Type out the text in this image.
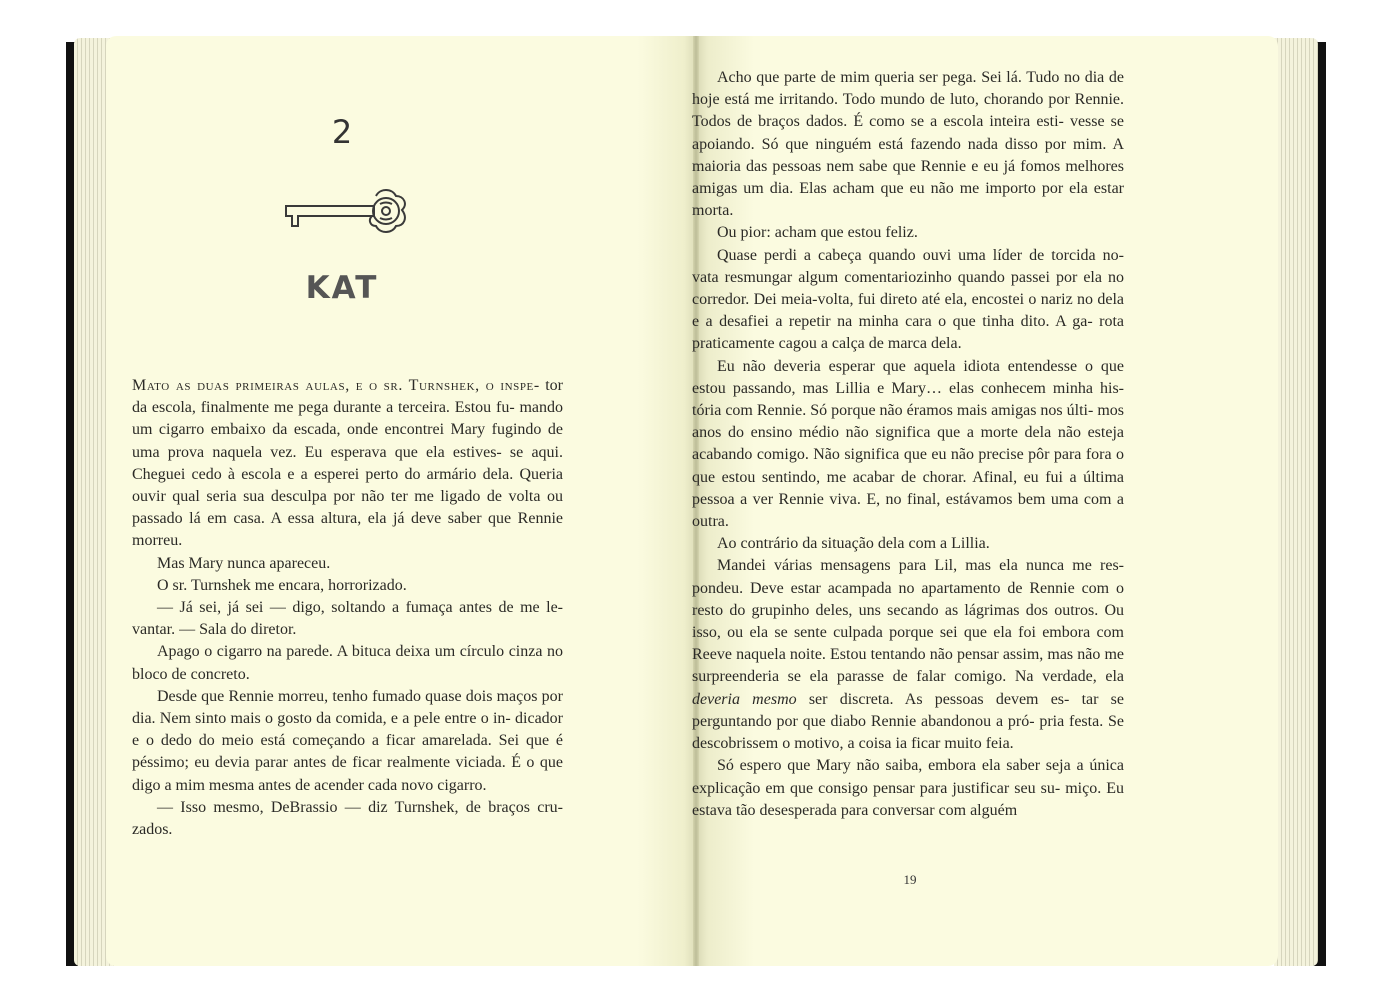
2
KAT

Mato as duas primeiras aulas, e o sr. Turnshek, o inspe- tor da escola, finalmente me pega durante a terceira. Estou fu- mando um cigarro embaixo da escada, onde encontrei Mary fugindo de uma prova naquela vez. Eu esperava que ela estives- se aqui. Cheguei cedo à escola e a esperei perto do armário dela. Queria ouvir qual seria sua desculpa por não ter me ligado de volta ou passado lá em casa. A essa altura, ela já deve saber que Rennie morreu.

Mas Mary nunca apareceu.

O sr. Turnshek me encara, horrorizado.

— Já sei, já sei — digo, soltando a fumaça antes de me le- vantar. — Sala do diretor.

Apago o cigarro na parede. A bituca deixa um círculo cinza no bloco de concreto.

Desde que Rennie morreu, tenho fumado quase dois maços por dia. Nem sinto mais o gosto da comida, e a pele entre o in- dicador e o dedo do meio está começando a ficar amarelada. Sei que é péssimo; eu devia parar antes de ficar realmente viciada. É o que digo a mim mesma antes de acender cada novo cigarro.

— Isso mesmo, DeBrassio — diz Turnshek, de braços cru- zados.

Acho que parte de mim queria ser pega. Sei lá. Tudo no dia de hoje está me irritando. Todo mundo de luto, chorando por Rennie. Todos de braços dados. É como se a escola inteira esti- vesse se apoiando. Só que ninguém está fazendo nada disso por mim. A maioria das pessoas nem sabe que Rennie e eu já fomos melhores amigas um dia. Elas acham que eu não me importo por ela estar morta.

Ou pior: acham que estou feliz.

Quase perdi a cabeça quando ouvi uma líder de torcida no- vata resmungar algum comentariozinho quando passei por ela no corredor. Dei meia-volta, fui direto até ela, encostei o nariz no dela e a desafiei a repetir na minha cara o que tinha dito. A ga- rota praticamente cagou a calça de marca dela.

Eu não deveria esperar que aquela idiota entendesse o que estou passando, mas Lillia e Mary… elas conhecem minha his- tória com Rennie. Só porque não éramos mais amigas nos últi- mos anos do ensino médio não significa que a morte dela não esteja acabando comigo. Não significa que eu não precise pôr para fora o que estou sentindo, me acabar de chorar. Afinal, eu fui a última pessoa a ver Rennie viva. E, no final, estávamos bem uma com a outra.

Ao contrário da situação dela com a Lillia.

Mandei várias mensagens para Lil, mas ela nunca me res- pondeu. Deve estar acampada no apartamento de Rennie com o resto do grupinho deles, uns secando as lágrimas dos outros. Ou isso, ou ela se sente culpada porque sei que ela foi embora com Reeve naquela noite. Estou tentando não pensar assim, mas não me surpreenderia se ela parasse de falar comigo. Na verdade, ela deveria mesmo ser discreta. As pessoas devem es- tar se perguntando por que diabo Rennie abandonou a pró- pria festa. Se descobrissem o motivo, a coisa ia ficar muito feia.

Só espero que Mary não saiba, embora ela saber seja a única explicação em que consigo pensar para justificar seu su- miço. Eu estava tão desesperada para conversar com alguém

19
